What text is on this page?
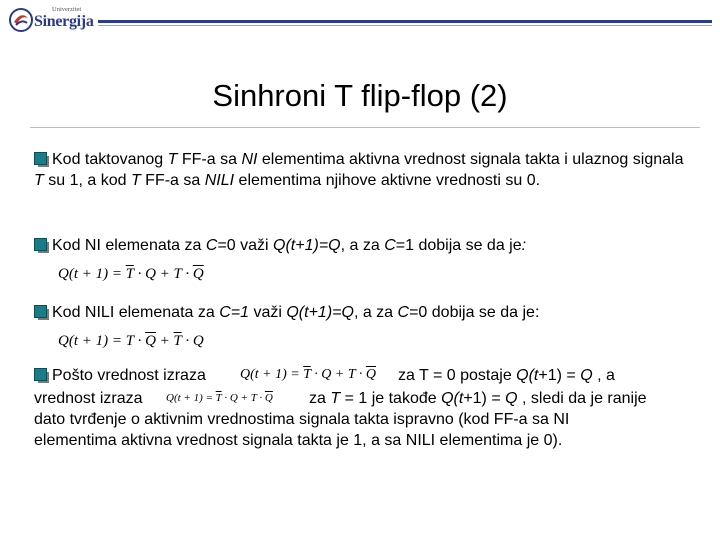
Univerzitet
Sinergija
Sinhroni T flip-flop (2)
Kod taktovanog T FF-a sa NI elementima aktivna vrednost signala takta i ulaznog signala T su 1, a kod T FF-a sa NILI elementima njihove aktivne vrednosti su 0.
Kod NI elemenata za C=0 važi Q(t+1)=Q, a za C=1 dobija se da je:
$Q(t + 1) = \overline{T} \cdot Q + T \cdot \overline{Q}$
Kod NILI elemenata za C=1 važi Q(t+1)=Q, a za C=0 dobija se da je:
$Q(t + 1) = T \cdot \overline{Q} + \overline{T} \cdot Q$
Pošto vrednost izraza	$Q(t + 1) = \overline{T} \cdot Q + T \cdot \overline{Q}$ za T = 0 postaje Q(t+1) = Q , a
vrednost izraza	$Q(t + 1) = \overline{T} \cdot Q + T \cdot \overline{Q}$ za T = 1 je takođe Q(t+1) = Q , sledi da je ranije
dato tvrđenje o aktivnim vrednostima signala takta ispravno (kod FF-a sa NI
elementima aktivna vrednost signala takta je 1, a sa NILI elementima je 0).
